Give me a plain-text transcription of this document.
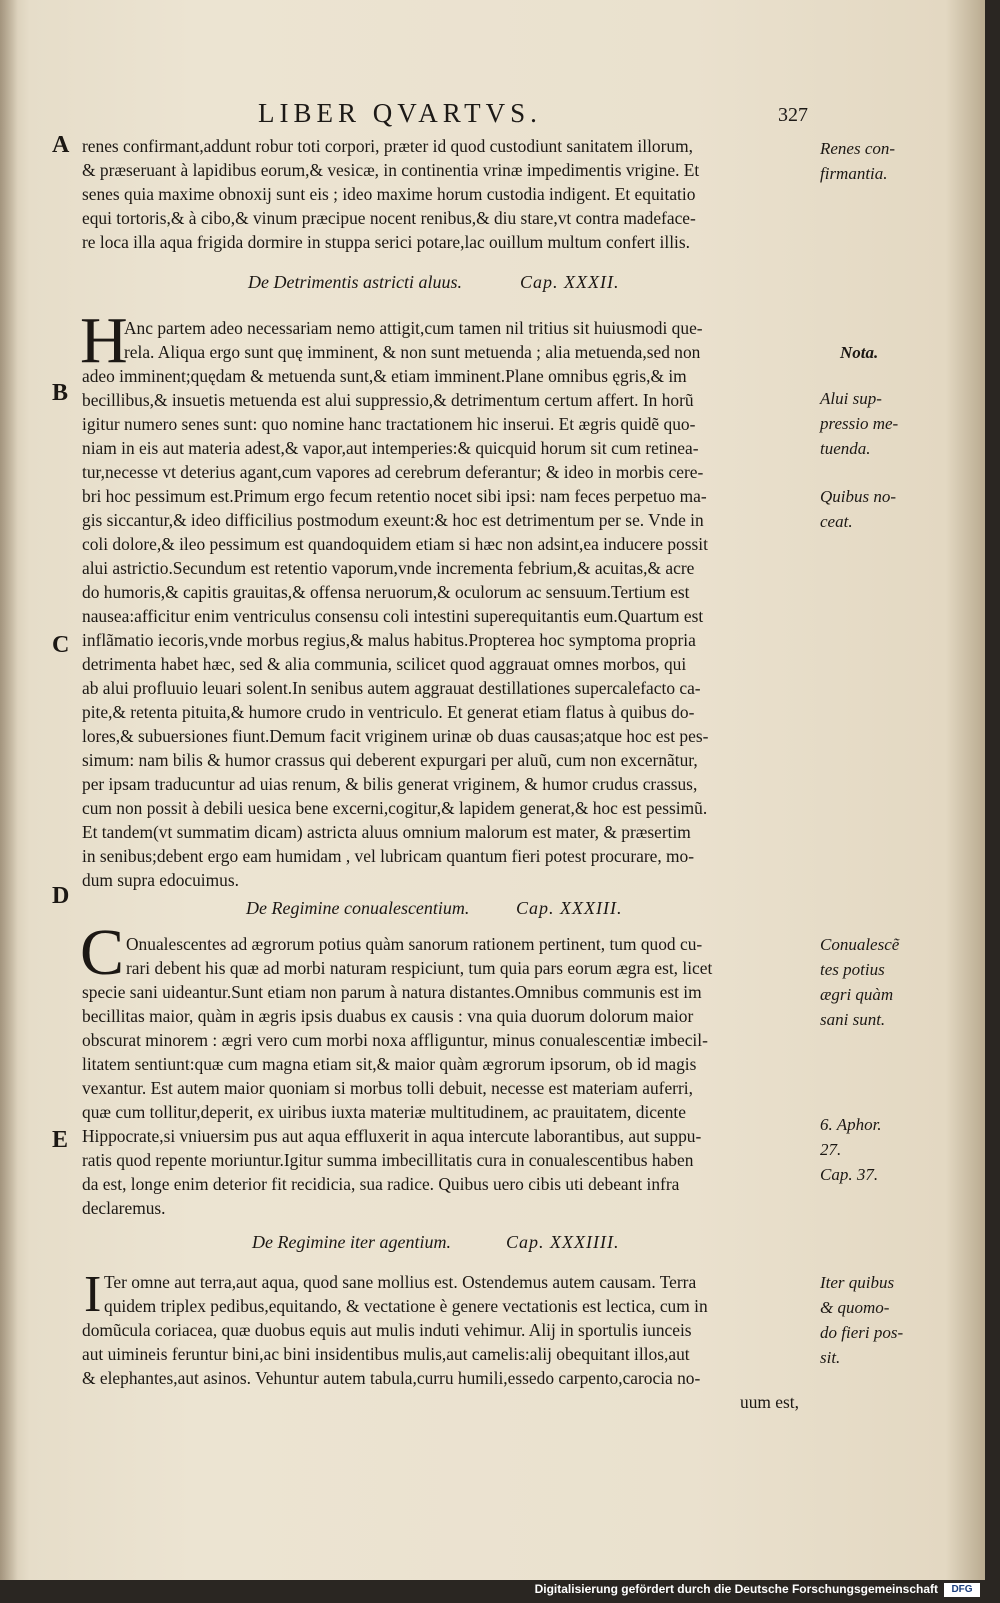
LIBER QVARTVS.	327
A
B
C
D
E
renes confirmant,addunt robur toti corpori, præter id quod custodiunt sanitatem illorum,
& præseruant à lapidibus eorum,& vesicæ, in continentia vrinæ impedimentis vrigine. Et
senes quia maxime obnoxij sunt eis ; ideo maxime horum custodia indigent. Et equitatio
equi tortoris,& à cibo,& vinum præcipue nocent renibus,& diu stare,vt contra madeface-
re loca illa aqua frigida dormire in stuppa serici potare,lac ouillum multum confert illis.
De Detrimentis astricti aluus.	Cap. XXXII.
H
Anc partem adeo necessariam nemo attigit,cum tamen nil tritius sit huiusmodi que-
rela. Aliqua ergo sunt quę imminent, & non sunt metuenda ; alia metuenda,sed non
adeo imminent;quędam & metuenda sunt,& etiam imminent.Plane omnibus ęgris,& im
becillibus,& insuetis metuenda est alui suppressio,& detrimentum certum affert. In horũ
igitur numero senes sunt: quo nomine hanc tractationem hic inserui. Et ægris quidẽ quo-
niam in eis aut materia adest,& vapor,aut intemperies:& quicquid horum sit cum retinea-
tur,necesse vt deterius agant,cum vapores ad cerebrum deferantur; & ideo in morbis cere-
bri hoc pessimum est.Primum ergo fecum retentio nocet sibi ipsi: nam feces perpetuo ma-
gis siccantur,& ideo difficilius postmodum exeunt:& hoc est detrimentum per se. Vnde in
coli dolore,& ileo pessimum est quandoquidem etiam si hæc non adsint,ea inducere possit
alui astrictio.Secundum est retentio vaporum,vnde incrementa febrium,& acuitas,& acre
do humoris,& capitis grauitas,& offensa neruorum,& oculorum ac sensuum.Tertium est
nausea:afficitur enim ventriculus consensu coli intestini superequitantis eum.Quartum est
inflãmatio iecoris,vnde morbus regius,& malus habitus.Propterea hoc symptoma propria
detrimenta habet hæc, sed & alia communia, scilicet quod aggrauat omnes morbos, qui
ab alui profluuio leuari solent.In senibus autem aggrauat destillationes supercalefacto ca-
pite,& retenta pituita,& humore crudo in ventriculo. Et generat etiam flatus à quibus do-
lores,& subuersiones fiunt.Demum facit vriginem urinæ ob duas causas;atque hoc est pes-
simum: nam bilis & humor crassus qui deberent expurgari per aluũ, cum non excernãtur,
per ipsam traducuntur ad uias renum, & bilis generat vriginem, & humor crudus crassus,
cum non possit à debili uesica bene excerni,cogitur,& lapidem generat,& hoc est pessimũ.
Et tandem(vt summatim dicam) astricta aluus omnium malorum est mater, & præsertim
in senibus;debent ergo eam humidam , vel lubricam quantum fieri potest procurare, mo-
dum supra edocuimus.
De Regimine conualescentium.	Cap. XXXIII.
C Onualescentes ad ægrorum potius quàm sanorum rationem pertinent, tum quod cu-
rari debent his quæ ad morbi naturam respiciunt, tum quia pars eorum ægra est, licet
specie sani uideantur.Sunt etiam non parum à natura distantes.Omnibus communis est im
becillitas maior, quàm in ægris ipsis duabus ex causis : vna quia duorum dolorum maior
obscurat minorem : ægri vero cum morbi noxa affliguntur, minus conualescentiæ imbecil-
litatem sentiunt:quæ cum magna etiam sit,& maior quàm ægrorum ipsorum, ob id magis
vexantur. Est autem maior quoniam si morbus tolli debuit, necesse est materiam auferri,
quæ cum tollitur,deperit, ex uiribus iuxta materiæ multitudinem, ac prauitatem, dicente
Hippocrate,si vniuersim pus aut aqua effluxerit in aqua intercute laborantibus, aut suppu-
ratis quod repente moriuntur.Igitur summa imbecillitatis cura in conualescentibus haben
da est, longe enim deterior fit recidicia, sua radice. Quibus uero cibis uti debeant infra
declaremus.
De Regimine iter agentium.	Cap. XXXIIII.
I Ter omne aut terra,aut aqua, quod sane mollius est. Ostendemus autem causam. Terra
quidem triplex pedibus,equitando, & vectatione è genere vectationis est lectica, cum in
domũcula coriacea, quæ duobus equis aut mulis induti vehimur. Alij in sportulis iunceis
aut uimineis feruntur bini,ac bini insidentibus mulis,aut camelis:alij obequitant illos,aut
& elephantes,aut asinos. Vehuntur autem tabula,curru humili,essedo carpento,carocia no-
uum est,
Renes con-
firmantia.
Nota.
Alui sup-
pressio me-
tuenda.
Quibus no-
ceat.
Conualescẽ
tes potius
ægri quàm
sani sunt.
6. Aphor.
27.
Cap. 37.
Iter quibus
& quomo-
do fieri pos-
sit.
Digitalisierung gefördert durch die Deutsche Forschungsgemeinschaft	DFG
